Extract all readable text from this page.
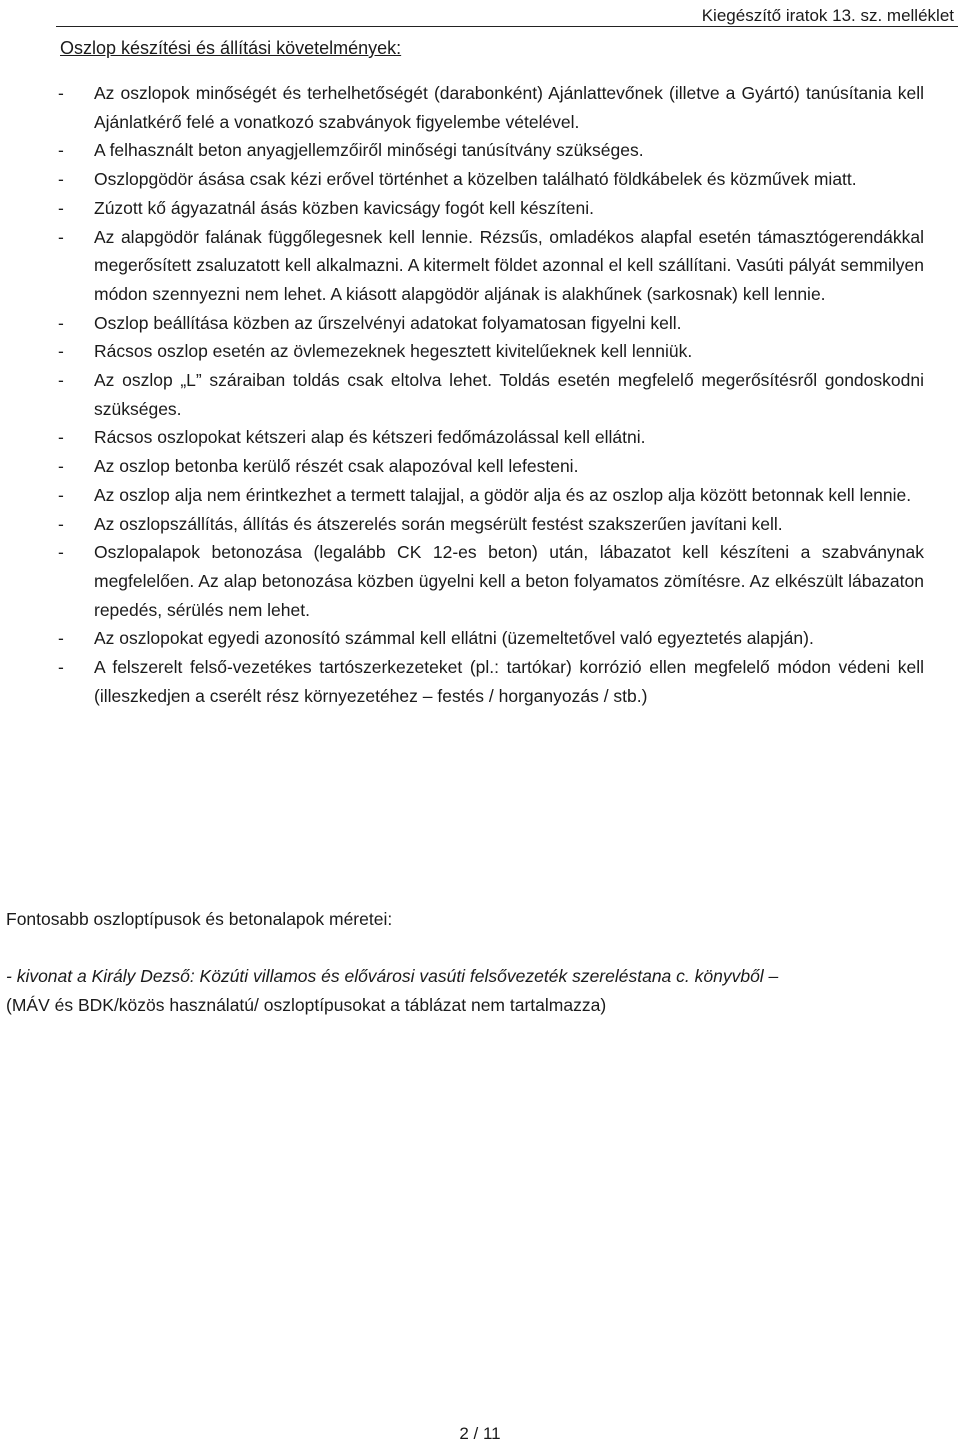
Kiegészítő iratok 13. sz. melléklet
Oszlop készítési és állítási követelmények:
- Az oszlopok minőségét és terhelhetőségét (darabonként) Ajánlattevőnek (illetve a Gyártó) tanúsítania kell Ajánlatkérő felé a vonatkozó szabványok figyelembe vételével.
- A felhasznált beton anyagjellemzőiről minőségi tanúsítvány szükséges.
- Oszlopgödör ásása csak kézi erővel történhet a közelben található földkábelek és közművek miatt.
- Zúzott kő ágyazatnál ásás közben kavicságy fogót kell készíteni.
- Az alapgödör falának függőlegesnek kell lennie. Rézsűs, omladékos alapfal esetén támasztógerendákkal megerősített zsaluzatott kell alkalmazni. A kitermelt földet azonnal el kell szállítani. Vasúti pályát semmilyen módon szennyezni nem lehet. A kiásott alapgödör aljának is alakhűnek (sarkosnak) kell lennie.
- Oszlop beállítása közben az űrszelvényi adatokat folyamatosan figyelni kell.
- Rácsos oszlop esetén az övlemezeknek hegesztett kivitelűeknek kell lenniük.
- Az oszlop „L” száraiban toldás csak eltolva lehet. Toldás esetén megfelelő megerősítésről gondoskodni szükséges.
- Rácsos oszlopokat kétszeri alap és kétszeri fedőmázolással kell ellátni.
- Az oszlop betonba kerülő részét csak alapozóval kell lefesteni.
- Az oszlop alja nem érintkezhet a termett talajjal, a gödör alja és az oszlop alja között betonnak kell lennie.
- Az oszlopszállítás, állítás és átszerelés során megsérült festést szakszerűen javítani kell.
- Oszlopalapok betonozása (legalább CK 12-es beton) után, lábazatot kell készíteni a szabványnak megfelelően. Az alap betonozása közben ügyelni kell a beton folyamatos zömítésre. Az elkészült lábazaton repedés, sérülés nem lehet.
- Az oszlopokat egyedi azonosító számmal kell ellátni (üzemeltetővel való egyeztetés alapján).
- A felszerelt felső-vezetékes tartószerkezeteket (pl.: tartókar) korrózió ellen megfelelő módon védeni kell (illeszkedjen a cserélt rész környezetéhez – festés / horganyozás / stb.)
Fontosabb oszloptípusok és betonalapok méretei:
- kivonat a Király Dezső: Közúti villamos és elővárosi vasúti felsővezeték szereléstana c. könyvből –
(MÁV és BDK/közös használatú/ oszloptípusokat a táblázat nem tartalmazza)
2 / 11
